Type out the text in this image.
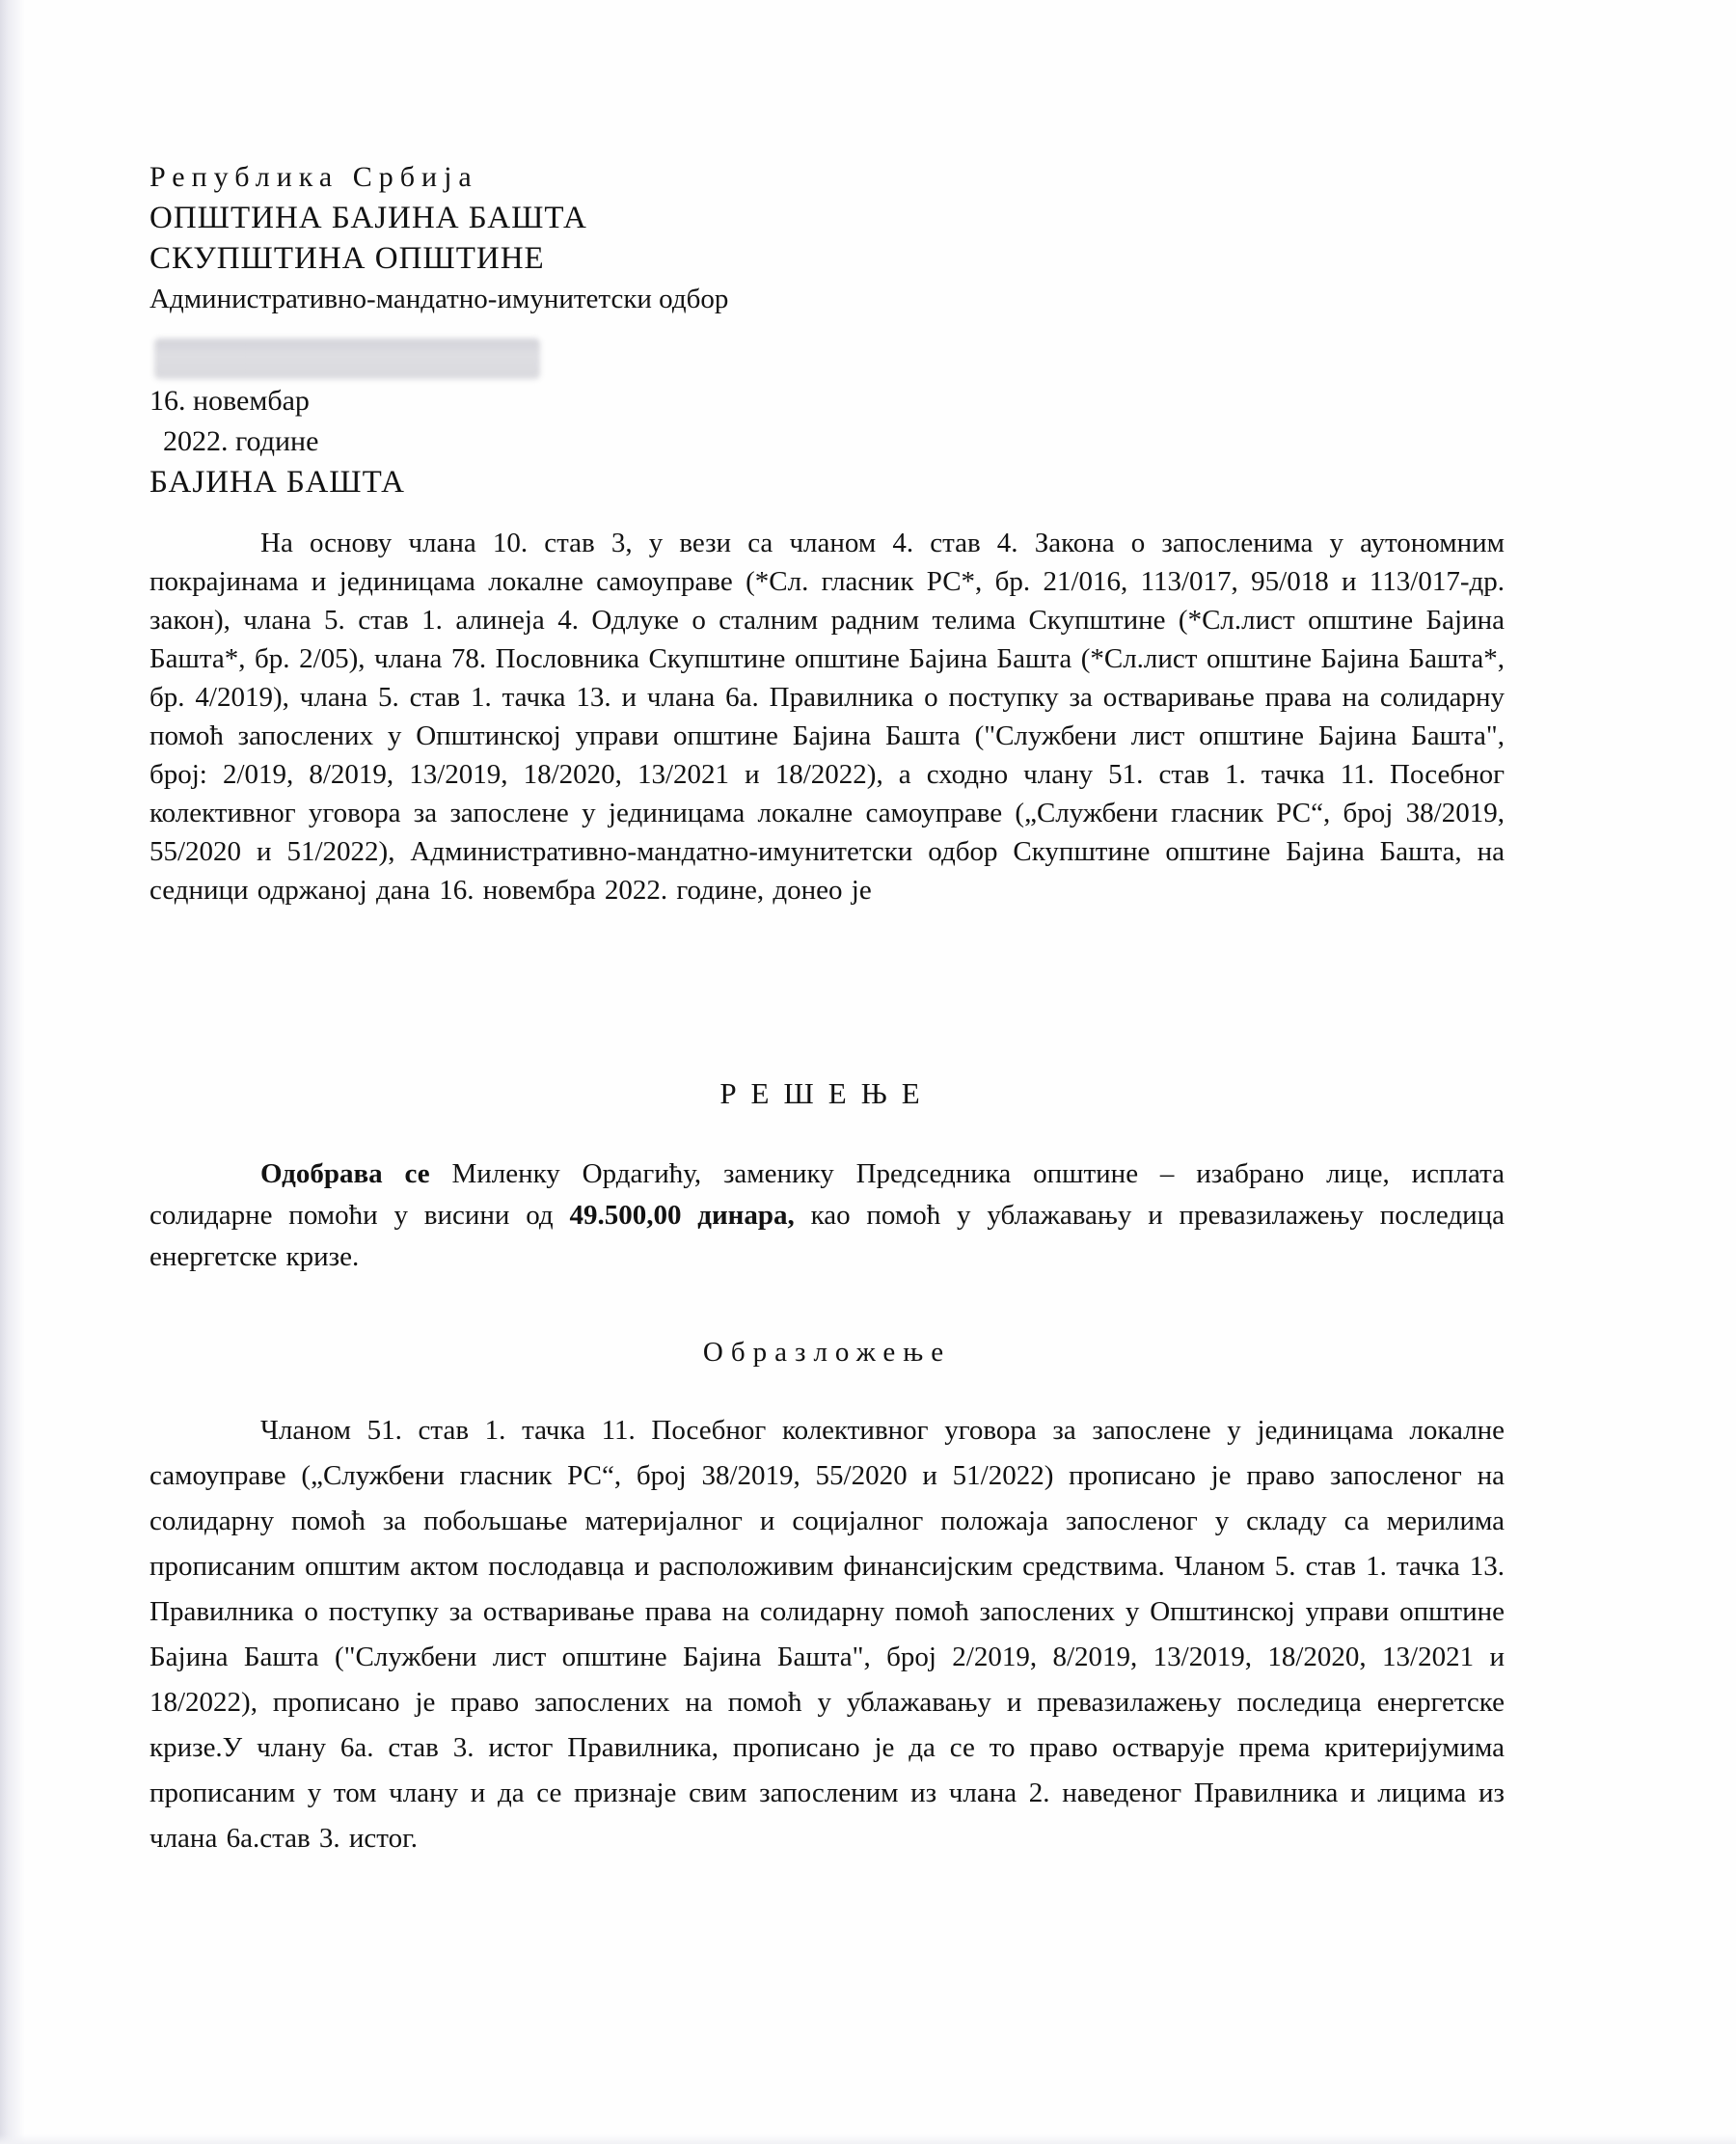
Република Србија
ОПШТИНА БАЈИНА БАШТА
СКУПШТИНА ОПШТИНЕ
Административно-мандатно-имунитетски одбор
16. новембар
2022. године
БАЈИНА БАШТА
На основу члана 10. став 3, у вези са чланом 4. став 4. Закона о запосленима у аутономним покрајинама и јединицама локалне самоуправе (*Сл. гласник РС*, бр. 21/016, 113/017, 95/018 и 113/017-др. закон), члана 5. став 1. алинеја 4. Одлуке о сталним радним телима Скупштине (*Сл.лист општине Бајина Башта*, бр. 2/05), члана 78. Пословника Скупштине општине Бајина Башта (*Сл.лист општине Бајина Башта*, бр. 4/2019), члана 5. став 1. тачка 13. и члана 6а. Правилника о поступку за остваривање права на солидарну помоћ запослених у Општинској управи општине Бајина Башта ("Службени лист општине Бајина Башта", број: 2/019, 8/2019, 13/2019, 18/2020, 13/2021 и 18/2022), а сходно члану 51. став 1. тачка 11. Посебног колективног уговора за запослене у јединицама локалне самоуправе („Службени гласник РС“, број 38/2019, 55/2020 и 51/2022), Административно-мандатно-имунитетски одбор Скупштине општине Бајина Башта, на седници одржаној дана 16. новембра 2022. године, донео је
РЕШЕЊЕ
Одобрава се Миленку Ордагићу, заменику Председника општине – изабрано лице, исплата солидарне помоћи у висини од 49.500,00 динара, као помоћ у ублажавању и превазилажењу последица енергетске кризе.
Образложење
Чланом 51. став 1. тачка 11. Посебног колективног уговора за запослене у јединицама локалне самоуправе („Службени гласник РС“, број 38/2019, 55/2020 и 51/2022) прописано је право запосленог на солидарну помоћ за побољшање материјалног и социјалног положаја запосленог у складу са мерилима прописаним општим актом послодавца и расположивим финансијским средствима. Чланом 5. став 1. тачка 13. Правилника о поступку за остваривање права на солидарну помоћ запослених у Општинској управи општине Бајина Башта ("Службени лист општине Бајина Башта", број 2/2019, 8/2019, 13/2019, 18/2020, 13/2021 и 18/2022), прописано је право запослених на помоћ у ублажавању и превазилажењу последица енергетске кризе.У члану 6а. став 3. истог Правилника, прописано је да се то право остварује према критеријумима прописаним у том члану и да се признаје свим запосленим из члана 2. наведеног Правилника и лицима из члана 6а.став 3. истог.
